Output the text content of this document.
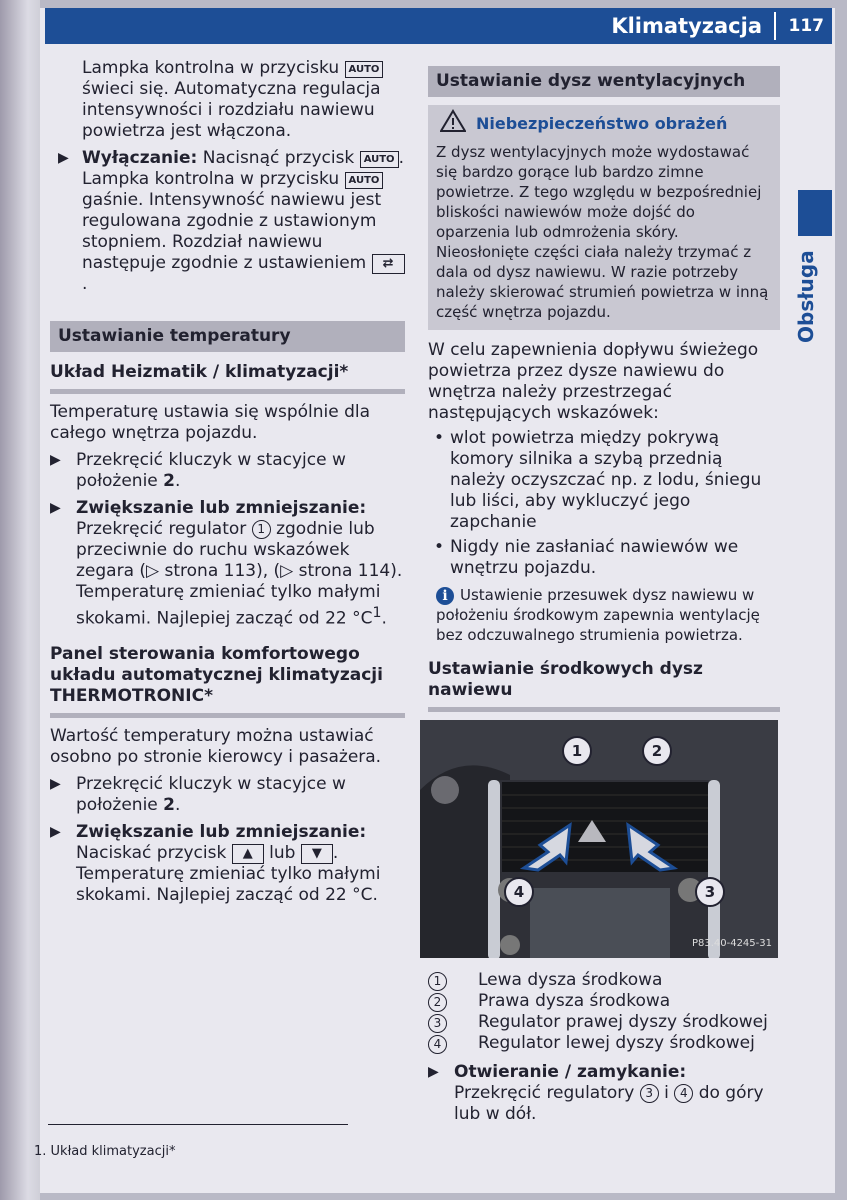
Klimatyzacja 117
Obsługa

Lampka kontrolna w przycisku AUTO świeci się. Automatyczna regulacja intensywności i rozdziału nawiewu powietrza jest włączona.

▶ Wyłączanie: Nacisnąć przycisk AUTO .
Lampka kontrolna w przycisku AUTO gaśnie. Intensywność nawiewu jest regulowana zgodnie z ustawionym stopniem. Rozdział nawiewu następuje zgodnie z ustawieniem ⇄.

Ustawianie temperatury

Układ Heizmatik / klimatyzacji*

Temperaturę ustawia się wspólnie dla całego wnętrza pojazdu.

▶ Przekręcić kluczyk w stacyjce w położenie 2.
▶ Zwiększanie lub zmniejszanie:
Przekręcić regulator 1 zgodnie lub przeciwnie do ruchu wskazówek zegara (▷ strona 113), (▷ strona 114). Temperaturę zmieniać tylko małymi skokami. Najlepiej zacząć od 22 $^\circ C^1$.

Panel sterowania komfortowego układu automatycznej klimatyzacji THERMOTRONIC*

Wartość temperatury można ustawiać osobno po stronie kierowcy i pasażera.

▶ Przekręcić kluczyk w stacyjce w położenie 2.
▶ Zwiększanie lub zmniejszanie:
Naciskać przycisk ▲ lub ▼ . Temperaturę zmieniać tylko małymi skokami. Najlepiej zacząć od 22 °C.

Ustawianie dysz wentylacyjnych

Niebezpieczeństwo obrażeń

Z dysz wentylacyjnych może wydostawać się bardzo gorące lub bardzo zimne powietrze. Z tego względu w bezpośredniej bliskości nawiewów może dojść do oparzenia lub odmrożenia skóry. Nieosłonięte części ciała należy trzymać z dala od dysz nawiewu. W razie potrzeby należy skierować strumień powietrza w inną część wnętrza pojazdu.

W celu zapewnienia dopływu świeżego powietrza przez dysze nawiewu do wnętrza należy przestrzegać następujących wskazówek:

• wlot powietrza między pokrywą komory silnika a szybą przednią należy oczyszczać np. z lodu, śniegu lub liści, aby wykluczyć jego zapchanie
• Nigdy nie zasłaniać nawiewów we wnętrzu pojazdu.
i Ustawienie przesuwek dysz nawiewu w położeniu środkowym zapewnia wentylację bez odczuwalnego strumienia powietrza.

Ustawianie środkowych dysz nawiewu

1	2
3
4
P83.40-4245-31
1	Lewa dysza środkowa
2	Prawa dysza środkowa
3	Regulator prawej dyszy środkowej
4	Regulator lewej dyszy środkowej
▶ Otwieranie / zamykanie:
Przekręcić regulatory 3 i 4 do góry lub w dół.
1. Układ klimatyzacji*
